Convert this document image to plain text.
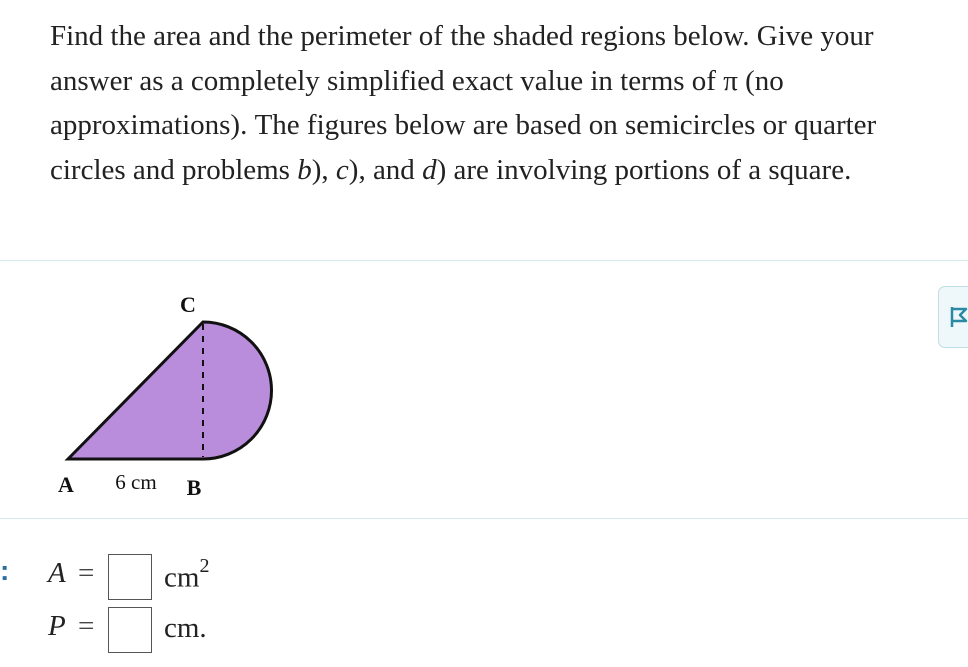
Find the area and the perimeter of the shaded regions below. Give your answer as a completely simplified exact value in terms of π (no approximations). The figures below are based on semicircles or quarter circles and problems b), c), and d) are involving portions of a square.

C
A 6 cm B
: $A = cm^2$
P = cm.
